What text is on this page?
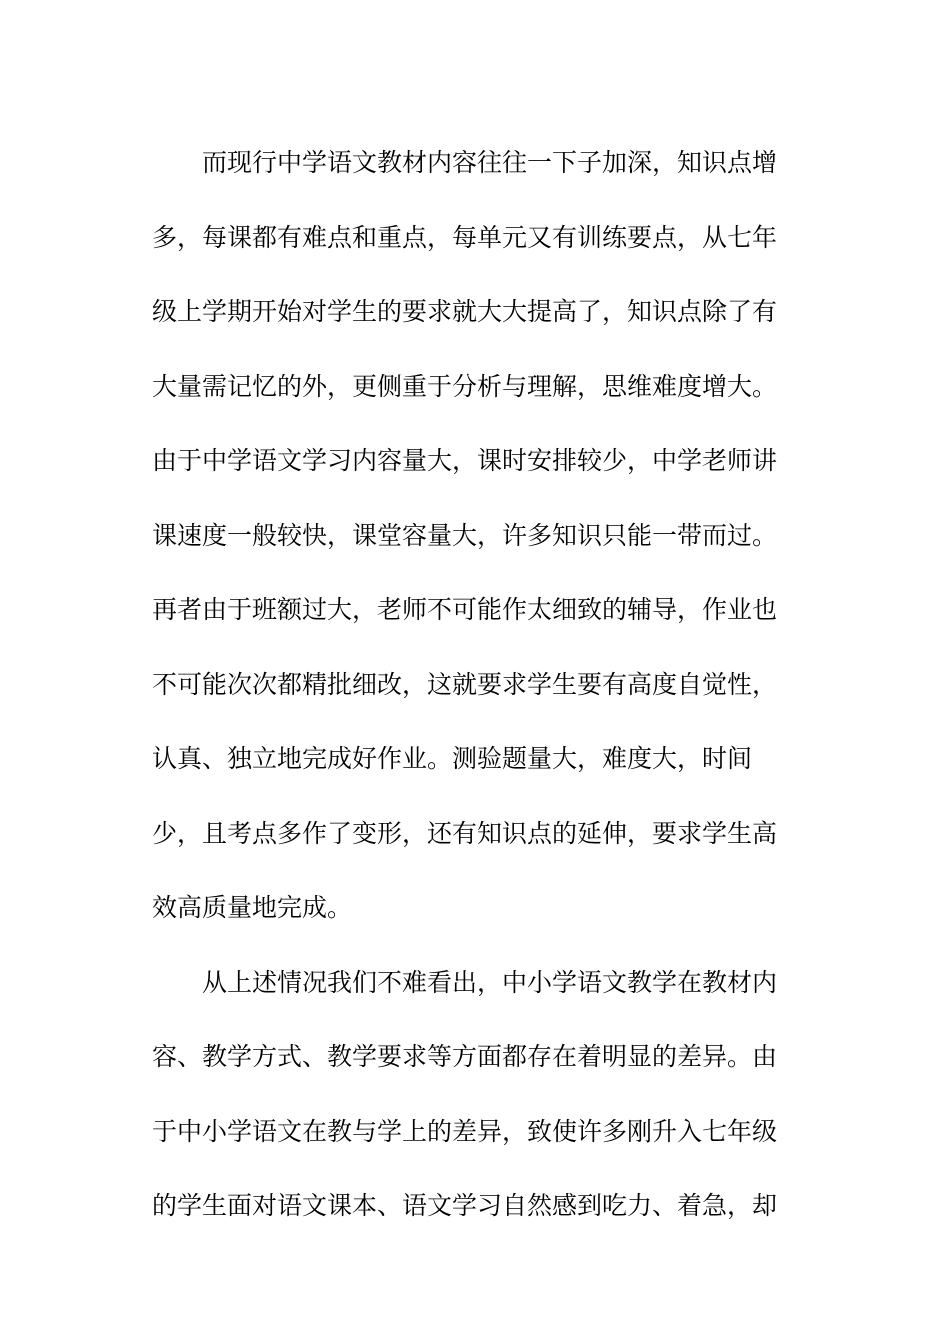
而现行中学语文教材内容往往一下子加深，知识点增
多，每课都有难点和重点，每单元又有训练要点，从七年
级上学期开始对学生的要求就大大提高了，知识点除了有
大量需记忆的外，更侧重于分析与理解，思维难度增大。
由于中学语文学习内容量大，课时安排较少，中学老师讲
课速度一般较快，课堂容量大，许多知识只能一带而过。
再者由于班额过大，老师不可能作太细致的辅导，作业也
不可能次次都精批细改，这就要求学生要有高度自觉性，
认真、独立地完成好作业。测验题量大，难度大，时间
少，且考点多作了变形，还有知识点的延伸，要求学生高
效高质量地完成。
从上述情况我们不难看出，中小学语文教学在教材内
容、教学方式、教学要求等方面都存在着明显的差异。由
于中小学语文在教与学上的差异，致使许多刚升入七年级
的学生面对语文课本、语文学习自然感到吃力、着急，却
